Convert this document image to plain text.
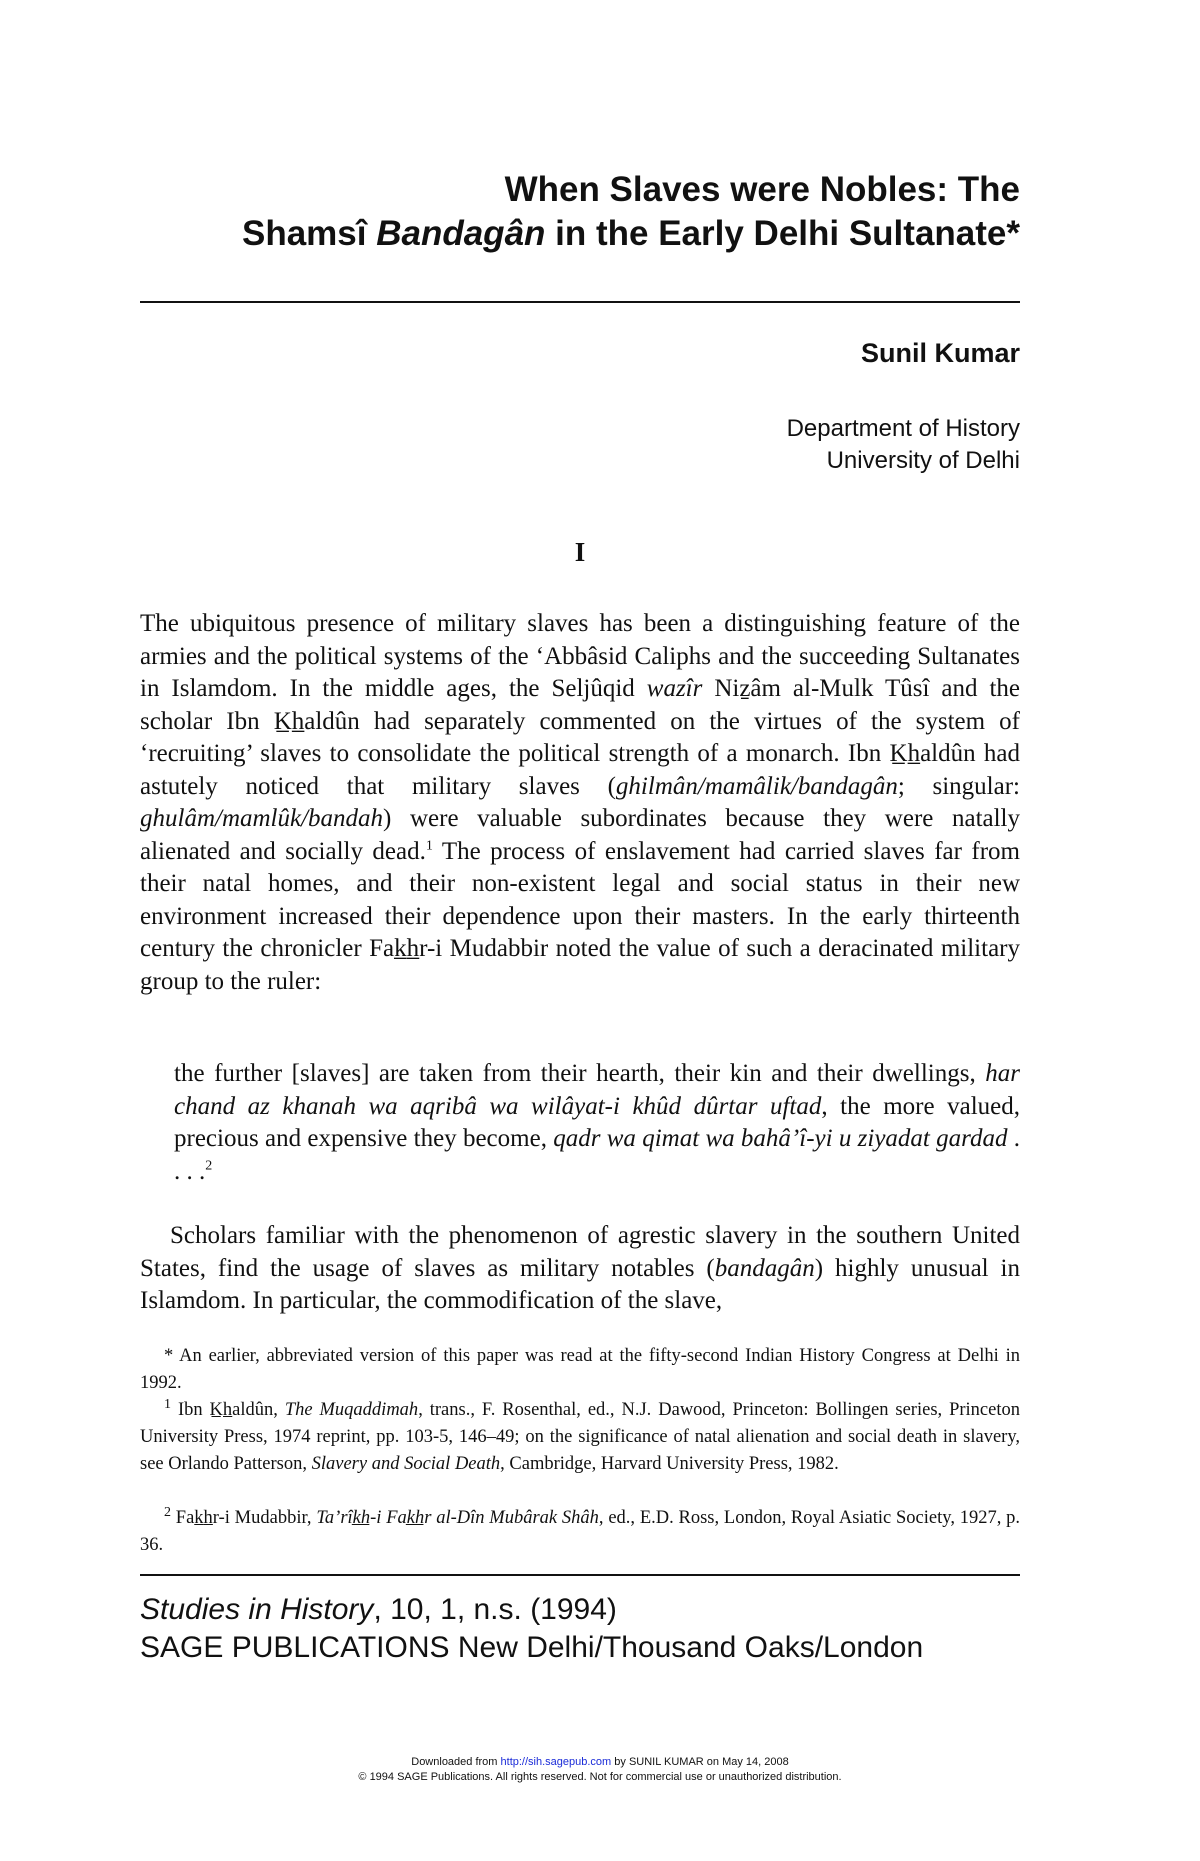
When Slaves were Nobles: The
Shamsî Bandagân in the Early Delhi Sultanate*
Sunil Kumar
Department of History
University of Delhi
I

The ubiquitous presence of military slaves has been a distinguishing feature of the armies and the political systems of the ‘Abbâsid Caliphs and the succeeding Sultanates in Islamdom. In the middle ages, the Seljûqid wazîr Niẕâm al-Mulk Tûsî and the scholar Ibn K̲h̲aldûn had separately commented on the virtues of the system of ‘recruiting’ slaves to consolidate the political strength of a monarch. Ibn K̲h̲aldûn had astutely noticed that military slaves (ghilmân/mamâlik/bandagân; singular: ghulâm/mamlûk/bandah) were valuable subordinates because they were natally alienated and socially dead.$^1$ The process of enslavement had carried slaves far from their natal homes, and their non-existent legal and social status in their new environment increased their dependence upon their masters. In the early thirteenth century the chronicler Fak̲h̲r-i Mudabbir noted the value of such a deracinated military group to the ruler:

the further [slaves] are taken from their hearth, their kin and their dwellings, har chand az khanah wa aqribâ wa wilâyat-i khûd dûrtar uftad, the more valued, precious and expensive they become, qadr wa qimat wa bahâ’î-yi u ziyadat gardad . . . .$^2$

Scholars familiar with the phenomenon of agrestic slavery in the southern United States, find the usage of slaves as military notables (bandagân) highly unusual in Islamdom. In particular, the commodification of the slave,

* An earlier, abbreviated version of this paper was read at the fifty-second Indian History Congress at Delhi in 1992.

$^1$ Ibn K̲h̲aldûn, The Muqaddimah, trans., F. Rosenthal, ed., N.J. Dawood, Princeton: Bollingen series, Princeton University Press, 1974 reprint, pp. 103-5, 146–49; on the significance of natal alienation and social death in slavery, see Orlando Patterson, Slavery and Social Death, Cambridge, Harvard University Press, 1982.

$^2$ Fak̲h̲r-i Mudabbir, Ta’rîk̲h̲-i Fak̲h̲r al-Dîn Mubârak Shâh, ed., E.D. Ross, London, Royal Asiatic Society, 1927, p. 36.

Studies in History, 10, 1, n.s. (1994)
SAGE PUBLICATIONS New Delhi/Thousand Oaks/London
Downloaded from http://sih.sagepub.com by SUNIL KUMAR on May 14, 2008
© 1994 SAGE Publications. All rights reserved. Not for commercial use or unauthorized distribution.
